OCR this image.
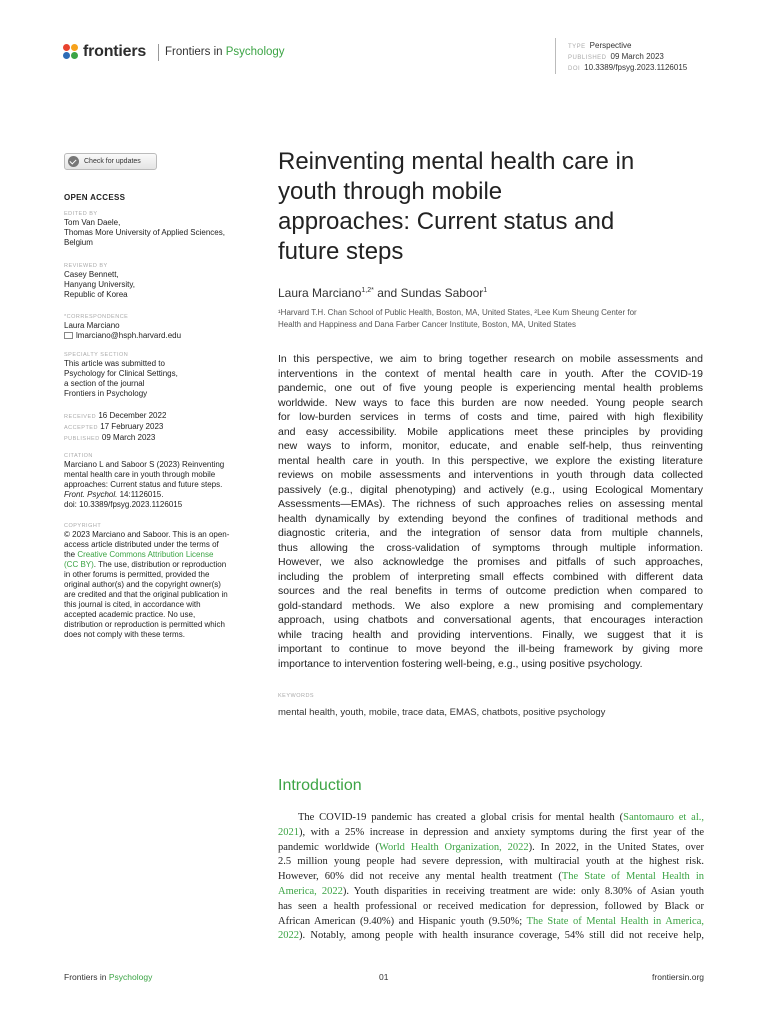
frontiers Frontiers in Psychology	TYPE Perspective
PUBLISHED 09 March 2023
DOI 10.3389/fpsyg.2023.1126015
Check for updates
OPEN ACCESS
EDITED BY
Tom Van Daele,
Thomas More University of Applied Sciences,
Belgium
REVIEWED BY
Casey Bennett,
Hanyang University,
Republic of Korea
*CORRESPONDENCE
Laura Marciano
lmarciano@hsph.harvard.edu
SPECIALTY SECTION
This article was submitted to
Psychology for Clinical Settings,
a section of the journal
Frontiers in Psychology
RECEIVED 16 December 2022
ACCEPTED 17 February 2023
PUBLISHED 09 March 2023
CITATION
Marciano L and Saboor S (2023) Reinventing
mental health care in youth through mobile
approaches: Current status and future steps.
Front. Psychol. 14:1126015.
doi: 10.3389/fpsyg.2023.1126015
COPYRIGHT
© 2023 Marciano and Saboor. This is an open-
access article distributed under the terms of
the Creative Commons Attribution License
(CC BY). The use, distribution or reproduction
in other forums is permitted, provided the
original author(s) and the copyright owner(s)
are credited and that the original publication in
this journal is cited, in accordance with
accepted academic practice. No use,
distribution or reproduction is permitted which
does not comply with these terms.
Reinventing mental health care in
youth through mobile
approaches: Current status and
future steps
Laura Marciano$^{1,2*}$ and Sundas Saboor$^1$
¹Harvard T.H. Chan School of Public Health, Boston, MA, United States, ²Lee Kum Sheung Center for
Health and Happiness and Dana Farber Cancer Institute, Boston, MA, United States
In this perspective, we aim to bring together research on mobile assessments and
interventions in the context of mental health care in youth. After the COVID-19
pandemic, one out of five young people is experiencing mental health problems
worldwide. New ways to face this burden are now needed. Young people search
for low-burden services in terms of costs and time, paired with high flexibility
and easy accessibility. Mobile applications meet these principles by providing
new ways to inform, monitor, educate, and enable self-help, thus reinventing
mental health care in youth. In this perspective, we explore the existing literature
reviews on mobile assessments and interventions in youth through data collected
passively (e.g., digital phenotyping) and actively (e.g., using Ecological Momentary
Assessments—EMAs). The richness of such approaches relies on assessing mental
health dynamically by extending beyond the confines of traditional methods and
diagnostic criteria, and the integration of sensor data from multiple channels,
thus allowing the cross-validation of symptoms through multiple information.
However, we also acknowledge the promises and pitfalls of such approaches,
including the problem of interpreting small effects combined with different data
sources and the real benefits in terms of outcome prediction when compared to
gold-standard methods. We also explore a new promising and complementary
approach, using chatbots and conversational agents, that encourages interaction
while tracing health and providing interventions. Finally, we suggest that it is
important to continue to move beyond the ill-being framework by giving more
importance to intervention fostering well-being, e.g., using positive psychology.
KEYWORDS
mental health, youth, mobile, trace data, EMAS, chatbots, positive psychology
Introduction
The COVID-19 pandemic has created a global crisis for mental health (Santomauro et al.,
2021), with a 25% increase in depression and anxiety symptoms during the first year of the
pandemic worldwide (World Health Organization, 2022). In 2022, in the United States, over
2.5 million young people had severe depression, with multiracial youth at the highest risk.
However, 60% did not receive any mental health treatment (The State of Mental Health in
America, 2022). Youth disparities in receiving treatment are wide: only 8.30% of Asian youth
has seen a health professional or received medication for depression, followed by Black or
African American (9.40%) and Hispanic youth (9.50%; The State of Mental Health in America,
2022). Notably, among people with health insurance coverage, 54% still did not receive help,
Frontiers in Psychology	01	frontiersin.org
